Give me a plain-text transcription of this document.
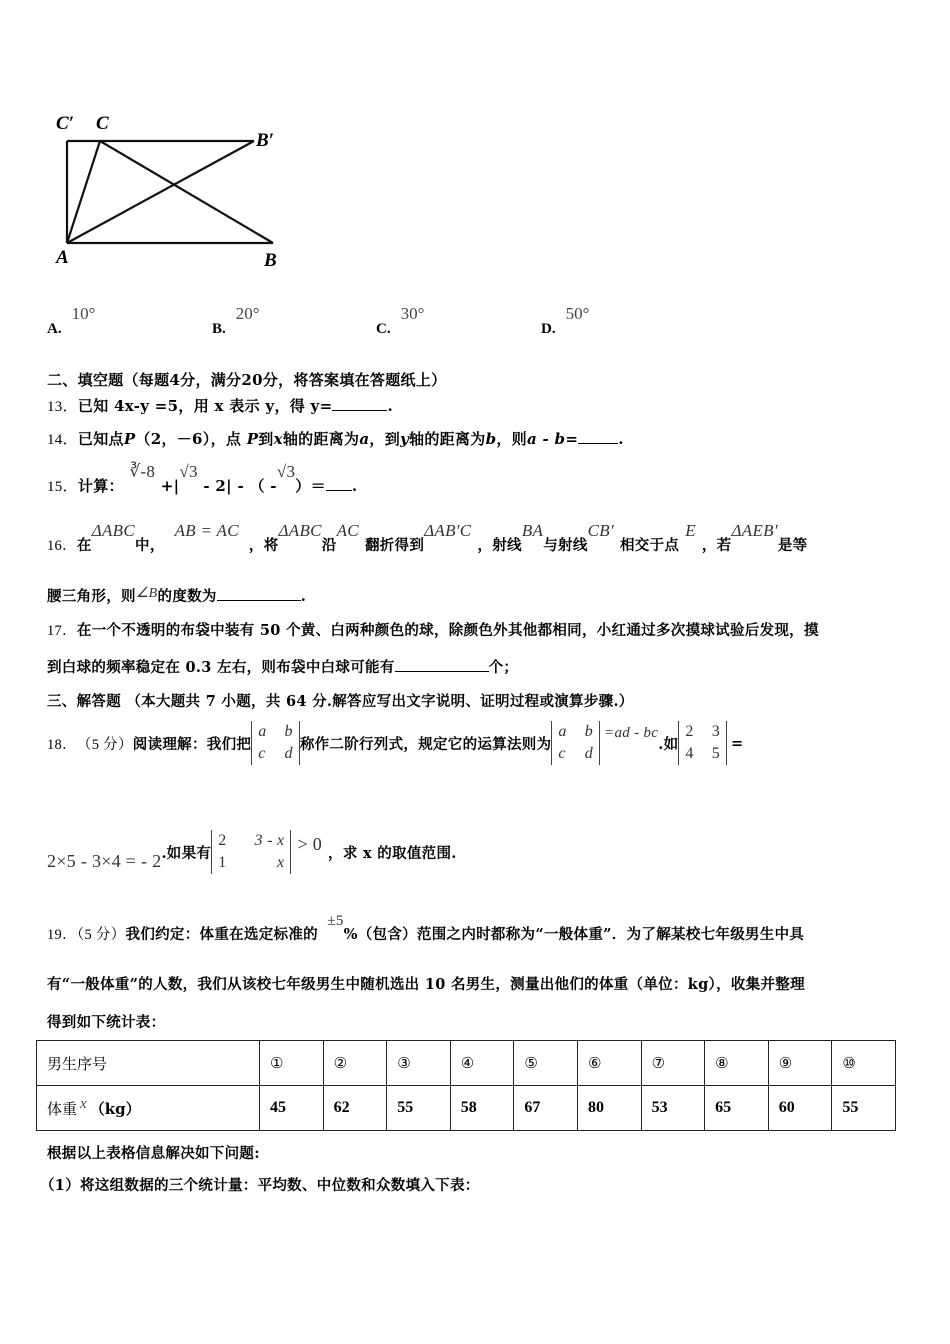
C′ C
B′
A	B
A.10°
B.20°
C.30°
D.50°
二、填空题（每题4分，满分20分，将答案填在答题纸上）
13．已知 4x-y =5，用 x 表示 y，得 y=	.
14．已知点P（2，－6），点 P到x轴的距离为a，到y轴的距离为b，则a - b=	.
15．计算： ∛-8 +|√3 - 2| - （ -√3）＝ .
16．在ΔABC中，AB = AC，将ΔABC沿AC翻折得到ΔAB′C，射线BA与射线CB′相交于点E，若ΔAEB′是等
腰三角形，则∠B的度数为	.
17．在一个不透明的布袋中装有 50 个黄、白两种颜色的球，除颜色外其他都相同，小红通过多次摸球试验后发现，摸
到白球的频率稳定在 0.3 左右，则布袋中白球可能有	个；
三、解答题 （本大题共 7 小题，共 64 分.解答应写出文字说明、证明过程或演算步骤.）
18． （5 分） 阅读理解：我们把
a b
c d
称作二阶行列式，规定它的运算法则为
a b
c d
=ad - bc
.如
2 3
4 5
=
2×5 - 3×4 = - 2 .如果有
2 3 - x
1	x
> 0 ，求 x 的取值范围.
19．（5 分）我们约定：体重在选定标准的 ±5%（包含）范围之内时都称为“一般体重”．为了解某校七年级男生中具
有“一般体重”的人数，我们从该校七年级男生中随机选出 10 名男生，测量出他们的体重（单位：kg），收集并整理
得到如下统计表：
男生序号	①	②	③	④	⑤	⑥	⑦	⑧	⑨	⑩
体重 x （kg）	45	62	55	58	67	80	53	65	60	55
根据以上表格信息解决如下问题:
（1）将这组数据的三个统计量：平均数、中位数和众数填入下表：
